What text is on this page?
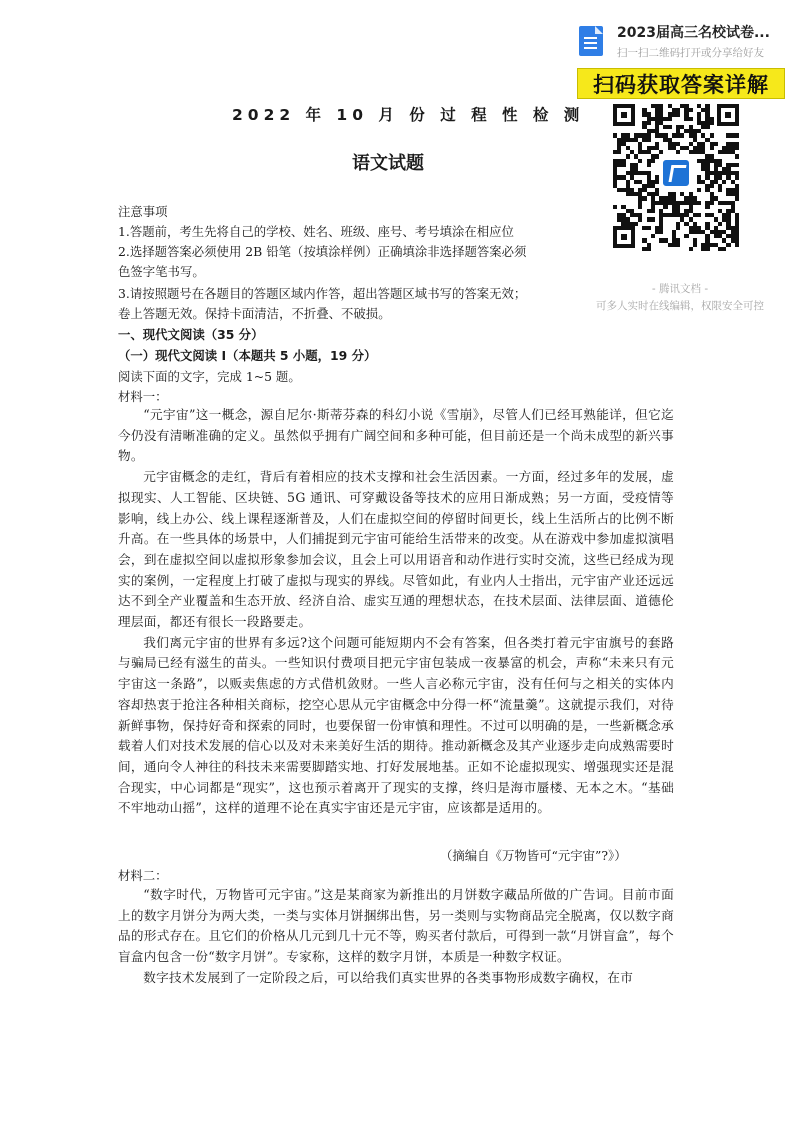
2023届高三名校试卷...
扫一扫二维码打开或分享给好友
扫码获取答案详解
- 腾讯文档 -
可多人实时在线编辑，权限安全可控
2022 年 10 月 份 过 程 性 检 测
语文试题
注意事项
1.答题前，考生先将自己的学校、姓名、班级、座号、考号填涂在相应位
2.选择题答案必须使用 2B 铅笔（按填涂样例）正确填涂非选择题答案必须
色签字笔书写。
3.请按照题号在各题目的答题区域内作答，超出答题区域书写的答案无效；
卷上答题无效。保持卡面清洁，不折叠、不破损。
一、现代文阅读（35 分）
（一）现代文阅读 Ⅰ（本题共 5 小题，19 分）
阅读下面的文字，完成 1~5 题。
材料一：

“元宇宙”这一概念，源自尼尔·斯蒂芬森的科幻小说《雪崩》，尽管人们已经耳熟能详，但它迄今仍没有清晰准确的定义。虽然似乎拥有广阔空间和多种可能，但目前还是一个尚未成型的新兴事物。

元宇宙概念的走红，背后有着相应的技术支撑和社会生活因素。一方面，经过多年的发展，虚拟现实、人工智能、区块链、5G 通讯、可穿戴设备等技术的应用日渐成熟；另一方面，受疫情等影响，线上办公、线上课程逐渐普及，人们在虚拟空间的停留时间更长，线上生活所占的比例不断升高。在一些具体的场景中，人们捕捉到元宇宙可能给生活带来的改变。从在游戏中参加虚拟演唱会，到在虚拟空间以虚拟形象参加会议，且会上可以用语音和动作进行实时交流，这些已经成为现实的案例，一定程度上打破了虚拟与现实的界线。尽管如此，有业内人士指出，元宇宙产业还远远达不到全产业覆盖和生态开放、经济自洽、虚实互通的理想状态，在技术层面、法律层面、道德伦理层面，都还有很长一段路要走。

我们离元宇宙的世界有多远?这个问题可能短期内不会有答案，但各类打着元宇宙旗号的套路与骗局已经有滋生的苗头。一些知识付费项目把元宇宙包装成一夜暴富的机会，声称“未来只有元宇宙这一条路”，以贩卖焦虑的方式借机敛财。一些人言必称元宇宙，没有任何与之相关的实体内容却热衷于抢注各种相关商标，挖空心思从元宇宙概念中分得一杯“流量羹”。这就提示我们，对待新鲜事物，保持好奇和探索的同时，也要保留一份审慎和理性。不过可以明确的是，一些新概念承载着人们对技术发展的信心以及对未来美好生活的期待。推动新概念及其产业逐步走向成熟需要时间，通向令人神往的科技未来需要脚踏实地、打好发展地基。正如不论虚拟现实、增强现实还是混合现实，中心词都是“现实”，这也预示着离开了现实的支撑，终归是海市蜃楼、无本之木。“基础不牢地动山摇”，这样的道理不论在真实宇宙还是元宇宙，应该都是适用的。

（摘编自《万物皆可“元宇宙”?》）
材料二：

“数字时代，万物皆可元宇宙。”这是某商家为新推出的月饼数字藏品所做的广告词。目前市面上的数字月饼分为两大类，一类与实体月饼捆绑出售，另一类则与实物商品完全脱离，仅以数字商品的形式存在。且它们的价格从几元到几十元不等，购买者付款后，可得到一款“月饼盲盒”，每个盲盒内包含一份“数字月饼”。专家称，这样的数字月饼，本质是一种数字权证。

数字技术发展到了一定阶段之后，可以给我们真实世界的各类事物形成数字确权，在市
